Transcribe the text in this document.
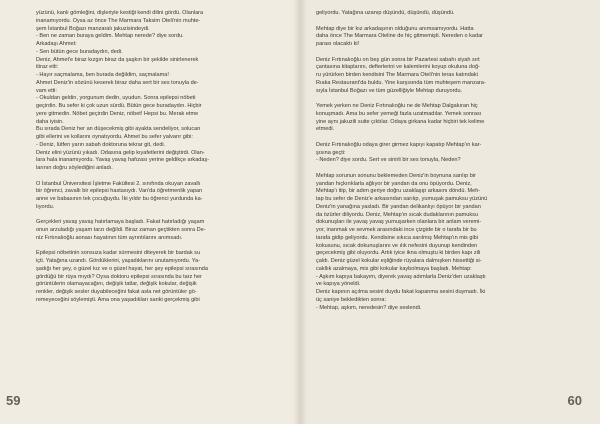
yüzünü, kanlı gömleğini, dişleriyle kestiği kendi dilini gördü. Olanlara

inanamıyordu. Oysa az önce The Marmara Taksim Oteli'nin muhte-

şem İstanbul Boğazı manzaralı jakuzisindeydi.

- Ben ne zaman buraya geldim. Mehtap nerede? diye sordu.

Arkadaşı Ahmet:

- Sen bütün gece buradaydın, dedi.

Deniz, Ahmet'e biraz kızgın biraz da şaşkın bir şekilde sinirlenerek

itiraz etti:

- Hayır saçmalama, ben burada değildim, saçmalama!

Ahmet Deniz'in sözünü keserek biraz daha sert bir ses tonuyla de-

vam etti:

- Okuldan geldin, yorgunum dedin, uyudun. Sonra epilepsi nöbeti

geçirdin. Bu sefer ki çok uzun sürdü. Bütün gece buradaydın. Hiçbir

yere gitmedin. Nöbet geçirdin Deniz, nöbet! Hepsi bu. Merak etme

daha iyisin.

Bu sırada Deniz her an düşecekmiş gibi ayakta sendeliyor, solucan

gibi ellerini ve kollarını oynatıyordu. Ahmet bu sefer yalvarır gibi:

- Deniz, lütfen yarın sabah doktoruna tekrar git, dedi.

Deniz elini yüzünü yıkadı. Odasına gelip kıyafetlerini değiştirdi. Olan-

lara hala inanamıyordu. Yavaş yavaş hafızası yerine geldikçe arkadaş-

larının doğru söylediğini anladı.

O İstanbul Üniversitesi İşletme Fakültesi 2. sınıfında okuyan zavallı

bir öğrenci, zavallı bir epilepsi hastasıydı. Van'da öğretmenlik yapan

anne ve babasının tek çocuğuydu. İki yıldır bu öğrenci yurdunda ka-

lıyordu.

Gerçekleri yavaş yavaş hatırlamaya başladı. Fakat hatırladığı yaşam

onun arzuladığı yaşam tarzı değildi. Biraz zaman geçtikten sonra De-

niz Fırtınalıoğlu aonası hayatının tüm ayrıntılarını anımsadı.

Epilepsi nöbetinin sonsuza kadar sürmesini diteyerek bir bardak su

içti. Yatağına uzandı. Gördüklerini, yaşadıklarını unutamıyordu. Ya-

şadığı her şey, o güzel kız ve o güzel hayat, her şey epilepsi sırasında

gördüğü bir rüya mıydı? Oysa doktoru epilepsi sırasında bu tarz her

görüntülerin olamayacağını, değişik tatlar, değişik kokular, değişik

renkler, değişik sesler duyabileceğini fakat asla net görüntüler gö-

remeyeceğini söylemişti. Ama ona yaşadıkları sanki gerçekmiş gibi

59

geliyordu. Yatağına uzanıp düşündü, düşündü, düşündü.

Mehtap diye bir kız arkadaşının olduğunu anımsamıyordu. Hatta

daha önce The Marmara Oteline de hiç gitmemişti. Nereden o kadar

parası olacaktı ki!

Deniz Fırtınalıoğlu on beş gün sonra bir Pazartesi sabahı siyah sırt

çantasına kitaplarını, defterlerini ve kalemlerini koyup okuluna doğ-

ru yürürken birden kendisini The Marmara Oteli'nin teras katındaki

Rıaka Restaurant'da buldu. Yine karşısında tüm muhteşem manzara-

sıyla İstanbul Boğazı ve tüm güzelliğiyle Mehtap duruyordu.

Yemek yerken ne Deniz Fırtınalıoğlu ne de Mehtap Dalgakıran hiç

konuşmadı. Ama bu sefer yemeği fazla uzatmadılar. Yemek sonrası

yine aynı jakuzili suite çıktılar. Odaya girkana kadar hiçbiri tek kelime

etmedi.

Deniz Fırtınalıoğlu odaya girer girmez kapıyı kapatıp Mehtap'ın kar-

şısına geçti:

- Neden? diye sordu. Sert ve sinirli bir ses tonuyla, Neden?

Mehtap sorunun sonunu beklemeden Deniz'in boynuna sarılıp bir

yandan hıçkırıklarla ağlıyor bir yandan da onu öpüyordu. Deniz,

Mehtap'ı itip, bir adım geriye doğru uzaklaşıp arkasını döndü. Meh-

tap bu sefer de Deniz'e arkasından sarılıp, yumuşak pamuksu yüzünü

Deniz'in yanağına yasladı. Bir yandan delikanlıyı öpüyor bir yandan

da özürler diliyordu. Deniz, Mehtap'ın sıcak dudaklarının pamuksu

dokunuşları ile yavaş yavaş yumuşarken olanlara bir anlam veremi-

yor, inanmak ve sevmek arasındaki ince çizgide bir o tarafa bir bu

tarafa gidip geliyordu. Kendisine sıkıca sarılmış Mehtap'ın mis gibi

kokusunu, sıcak dokunuşlarını ve ılık nefesini duyunup kendinden

geçecekmiş gibi oluyordu. Artık iyice ikna olmuştu ki birden kapı zili

çaldı. Deniz güzel kokular eşliğinde rüyalara dalmışken hissettiği si-

cakllık azalmaya, mis gibi kokular kaybolmaya başladı. Mehtap:

- Aşkım kapıya bakayım, diyerek yavaş adımlarla Deniz'den uzaklaştı

ve kapıya yöneldi.

Deniz kapının açılma sesini duydu fakat kapanma sesini duymadı. İki

üç saniye bekledikten sonra:

- Mehtap, aşkım, neredesin? diye seslendi.

60
